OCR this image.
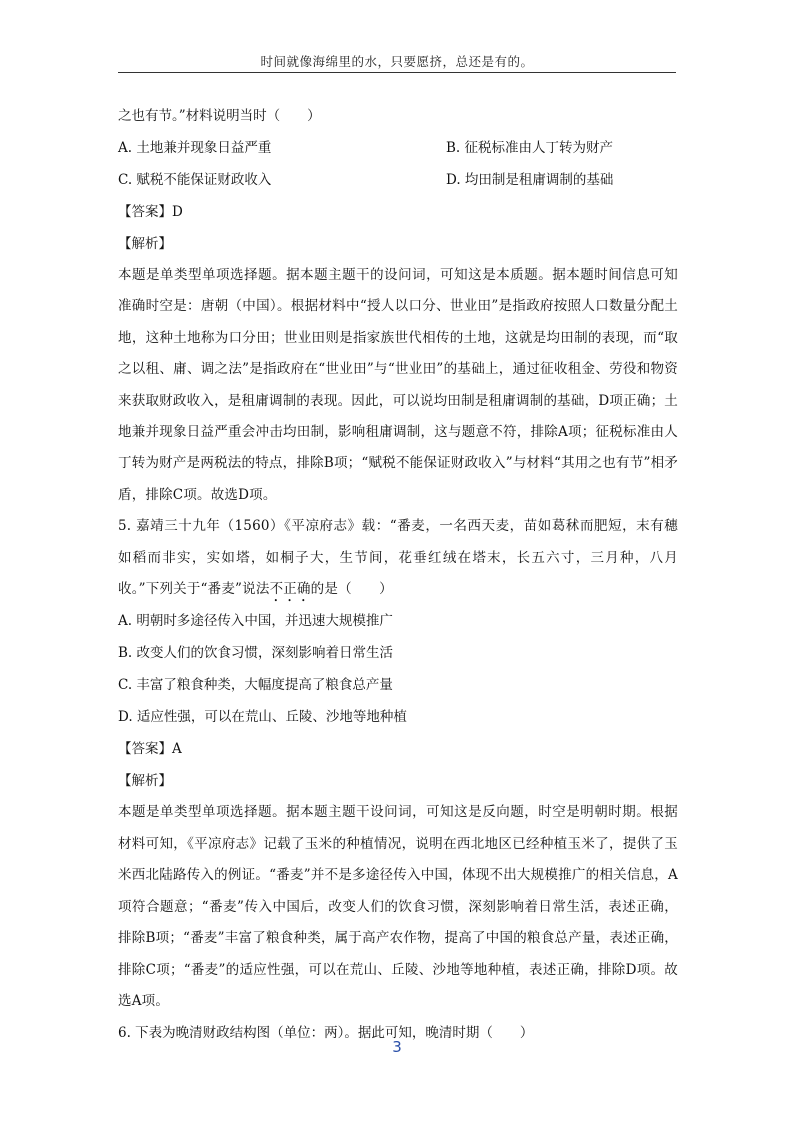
时间就像海绵里的水，只要愿挤，总还是有的。
之也有节。”材料说明当时（　　）
A. 土地兼并现象日益严重	B. 征税标准由人丁转为财产
C. 赋税不能保证财政收入	D. 均田制是租庸调制的基础
【答案】D
【解析】
本题是单类型单项选择题。据本题主题干的设问词，可知这是本质题。据本题时间信息可知准确时空是：唐朝（中国）。根据材料中“授人以口分、世业田”是指政府按照人口数量分配土地，这种土地称为口分田；世业田则是指家族世代相传的土地，这就是均田制的表现，而“取之以租、庸、调之法”是指政府在“世业田”与“世业田”的基础上，通过征收租金、劳役和物资来获取财政收入，是租庸调制的表现。因此，可以说均田制是租庸调制的基础，D项正确；土地兼并现象日益严重会冲击均田制，影响租庸调制，这与题意不符，排除A项；征税标准由人丁转为财产是两税法的特点，排除B项；“赋税不能保证财政收入”与材料“其用之也有节”相矛盾，排除C项。故选D项。
5. 嘉靖三十九年（1560）《平凉府志》载：“番麦，一名西天麦，苗如葛秫而肥短，末有穗如稻而非实，实如塔，如桐子大，生节间，花垂红绒在塔末，长五六寸，三月种，八月收。”下列关于“番麦”说法不正确的是（　　）
A. 明朝时多途径传入中国，并迅速大规模推广
B. 改变人们的饮食习惯，深刻影响着日常生活
C. 丰富了粮食种类，大幅度提高了粮食总产量
D. 适应性强，可以在荒山、丘陵、沙地等地种植
【答案】A
【解析】
本题是单类型单项选择题。据本题主题干设问词，可知这是反向题，时空是明朝时期。根据材料可知，《平凉府志》记载了玉米的种植情况，说明在西北地区已经种植玉米了，提供了玉米西北陆路传入的例证。“番麦”并不是多途径传入中国，体现不出大规模推广的相关信息，A项符合题意；“番麦”传入中国后，改变人们的饮食习惯，深刻影响着日常生活，表述正确，排除B项；“番麦”丰富了粮食种类，属于高产农作物，提高了中国的粮食总产量，表述正确，排除C项；“番麦”的适应性强，可以在荒山、丘陵、沙地等地种植，表述正确，排除D项。故选A项。
6. 下表为晚清财政结构图（单位：两）。据此可知，晚清时期（　　）
3
